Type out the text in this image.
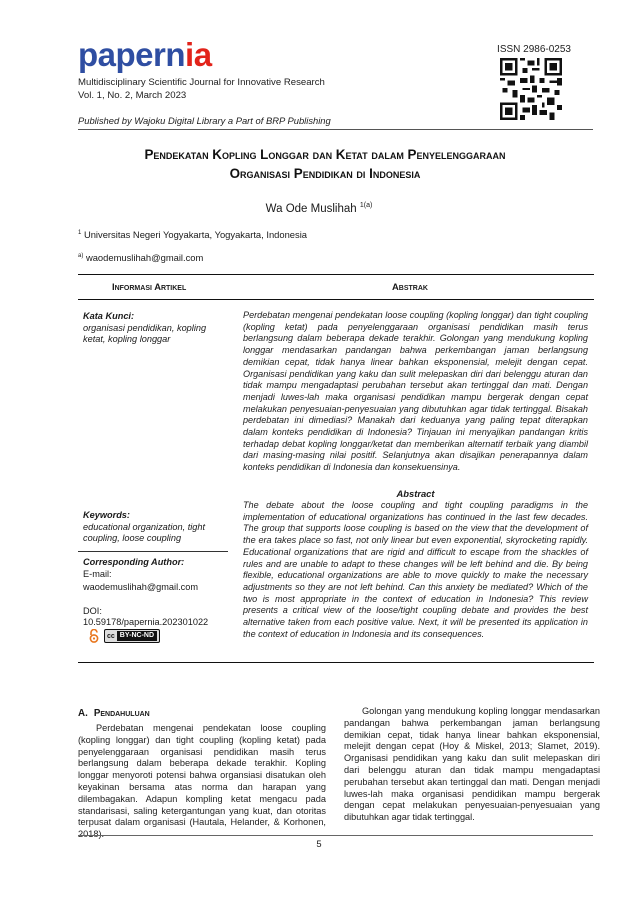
papernia
Multidisciplinary Scientific Journal for Innovative Research
Vol. 1, No. 2, March 2023
Published by Wajoku Digital Library a Part of BRP Publishing
ISSN 2986-0253
Pendekatan Kopling Longgar dan Ketat dalam Penyelenggaraan
Organisasi Pendidikan di Indonesia
Wa Ode Muslihah $^{1(a)}$
$^1$ Universitas Negeri Yogyakarta, Yogyakarta, Indonesia
$^{a)}$ waodemuslihah@gmail.com
Informasi Artikel	Abstrak
Kata Kunci:
organisasi pendidikan, kopling ketat, kopling longgar
Keywords:
educational organization, tight coupling, loose coupling
Corresponding Author:
E-mail:
waodemuslihah@gmail.com
DOI:
10.59178/papernia.202301022
cc BY-NC-ND
Perdebatan mengenai pendekatan loose coupling (kopling longgar) dan tight coupling (kopling ketat) pada penyelenggaraan organisasi pendidikan masih terus berlangsung dalam beberapa dekade terakhir. Golongan yang mendukung kopling longgar mendasarkan pandangan bahwa perkembangan jaman berlangsung demikian cepat, tidak hanya linear bahkan eksponensial, melejit dengan cepat. Organisasi pendidikan yang kaku dan sulit melepaskan diri dari belenggu aturan dan tidak mampu mengadaptasi perubahan tersebut akan tertinggal dan mati. Dengan menjadi luwes-lah maka organisasi pendidikan mampu bergerak dengan cepat melakukan penyesuaian-penyesuaian yang dibutuhkan agar tidak tertinggal. Bisakah perdebatan ini dimediasi? Manakah dari keduanya yang paling tepat diterapkan dalam konteks pendidikan di Indonesia? Tinjauan ini menyajikan pandangan kritis terhadap debat kopling longgar/ketat dan memberikan alternatif terbaik yang diambil dari masing-masing nilai positif. Selanjutnya akan disajikan penerapannya dalam konteks pendidikan di Indonesia dan konsekuensinya.
Abstract
The debate about the loose coupling and tight coupling paradigms in the implementation of educational organizations has continued in the last few decades. The group that supports loose coupling is based on the view that the development of the era takes place so fast, not only linear but even exponential, skyrocketing rapidly. Educational organizations that are rigid and difficult to escape from the shackles of rules and are unable to adapt to these changes will be left behind and die. By being flexible, educational organizations are able to move quickly to make the necessary adjustments so they are not left behind. Can this anxiety be mediated? Which of the two is most appropriate in the context of education in Indonesia? This review presents a critical view of the loose/tight coupling debate and provides the best alternative taken from each positive value. Next, it will be presented its application in the context of education in Indonesia and its consequences.
A. Pendahuluan

Perdebatan mengenai pendekatan loose coupling (kopling longgar) dan tight coupling (kopling ketat) pada penyelenggaraan organisasi pendidikan masih terus berlangsung dalam beberapa dekade terakhir. Kopling longgar menyoroti potensi bahwa organsiasi disatukan oleh keyakinan bersama atas norma dan harapan yang dilembagakan. Adapun kompling ketat mengacu pada standarisasi, saling ketergantungan yang kuat, dan otoritas terpusat dalam organisasi (Hautala, Helander, & Korhonen, 2018).

Golongan yang mendukung kopling longgar mendasarkan pandangan bahwa perkembangan jaman berlangsung demikian cepat, tidak hanya linear bahkan eksponensial, melejit dengan cepat (Hoy & Miskel, 2013; Slamet, 2019). Organisasi pendidikan yang kaku dan sulit melepaskan diri dari belenggu aturan dan tidak mampu mengadaptasi perubahan tersebut akan tertinggal dan mati. Dengan menjadi luwes-lah maka organisasi pendidikan mampu bergerak dengan cepat melakukan penyesuaian-penyesuaian yang dibutuhkan agar tidak tertinggal.

5
